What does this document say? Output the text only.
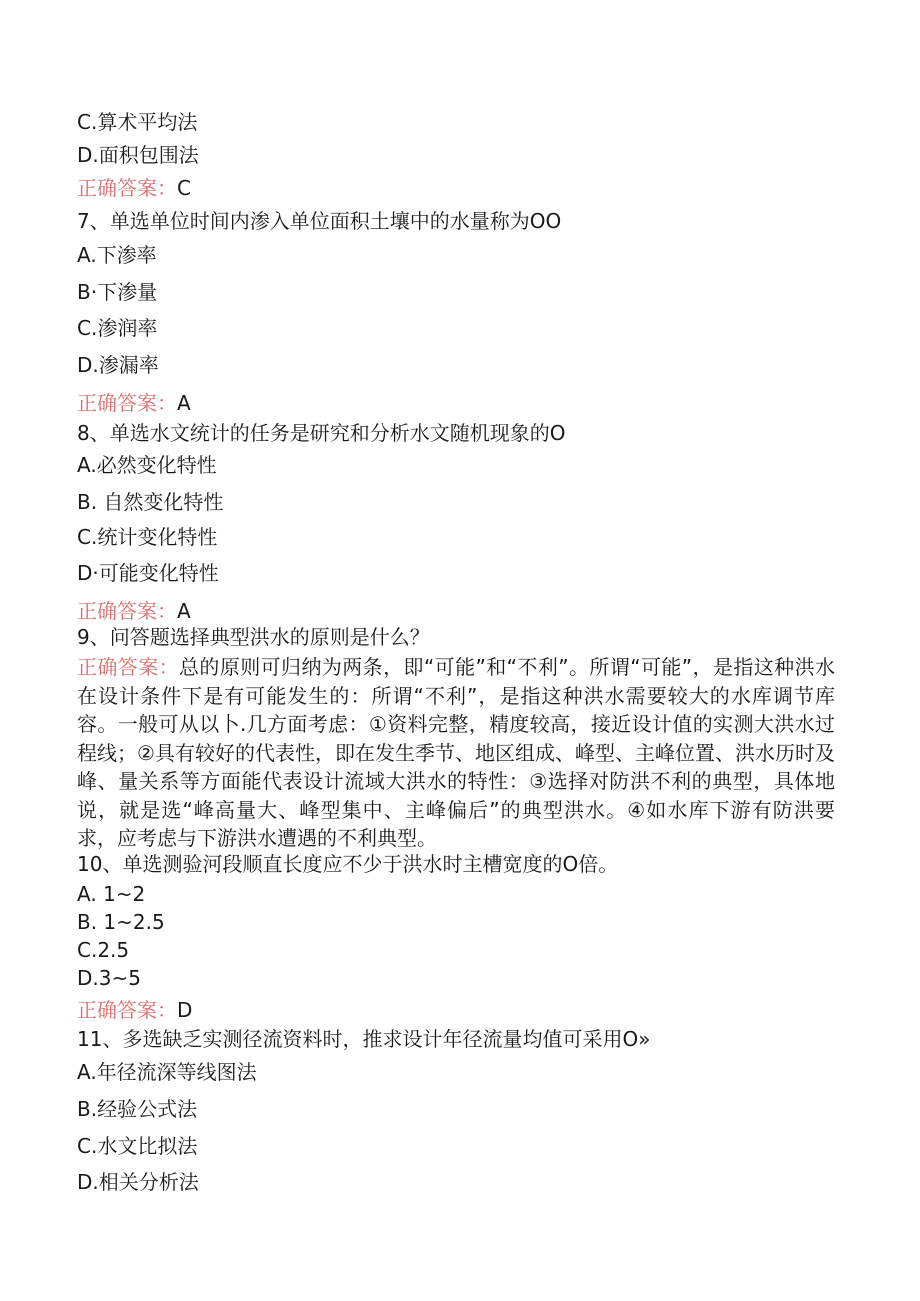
C.算术平均法
D.面积包围法
正确答案：C
7、单选单位时间内渗入单位面积土壤中的水量称为OO
A.下渗率
B·下渗量
C.渗润率
D.渗漏率
正确答案：A
8、单选水文统计的任务是研究和分析水文随机现象的O
A.必然变化特性
B. 自然变化特性
C.统计变化特性
D·可能变化特性
正确答案：A
9、问答题选择典型洪水的原则是什么？
正确答案：总的原则可归纳为两条，即“可能”和“不利”。所谓“可能”，是指这种洪水在设计条件下是有可能发生的：所谓“不利”，是指这种洪水需要较大的水库调节库容。一般可从以卜.几方面考虑：①资料完整，精度较高，接近设计值的实测大洪水过程线；②具有较好的代表性，即在发生季节、地区组成、峰型、主峰位置、洪水历时及峰、量关系等方面能代表设计流域大洪水的特性：③选择对防洪不利的典型，具体地说，就是选“峰高量大、峰型集中、主峰偏后”的典型洪水。④如水库下游有防洪要求，应考虑与下游洪水遭遇的不利典型。
10、单选测验河段顺直长度应不少于洪水时主槽宽度的O倍。
A. 1~2
B. 1~2.5
C.2.5
D.3~5
正确答案：D
11、多选缺乏实测径流资料时，推求设计年径流量均值可采用O»
A.年径流深等线图法
B.经验公式法
C.水文比拟法
D.相关分析法
